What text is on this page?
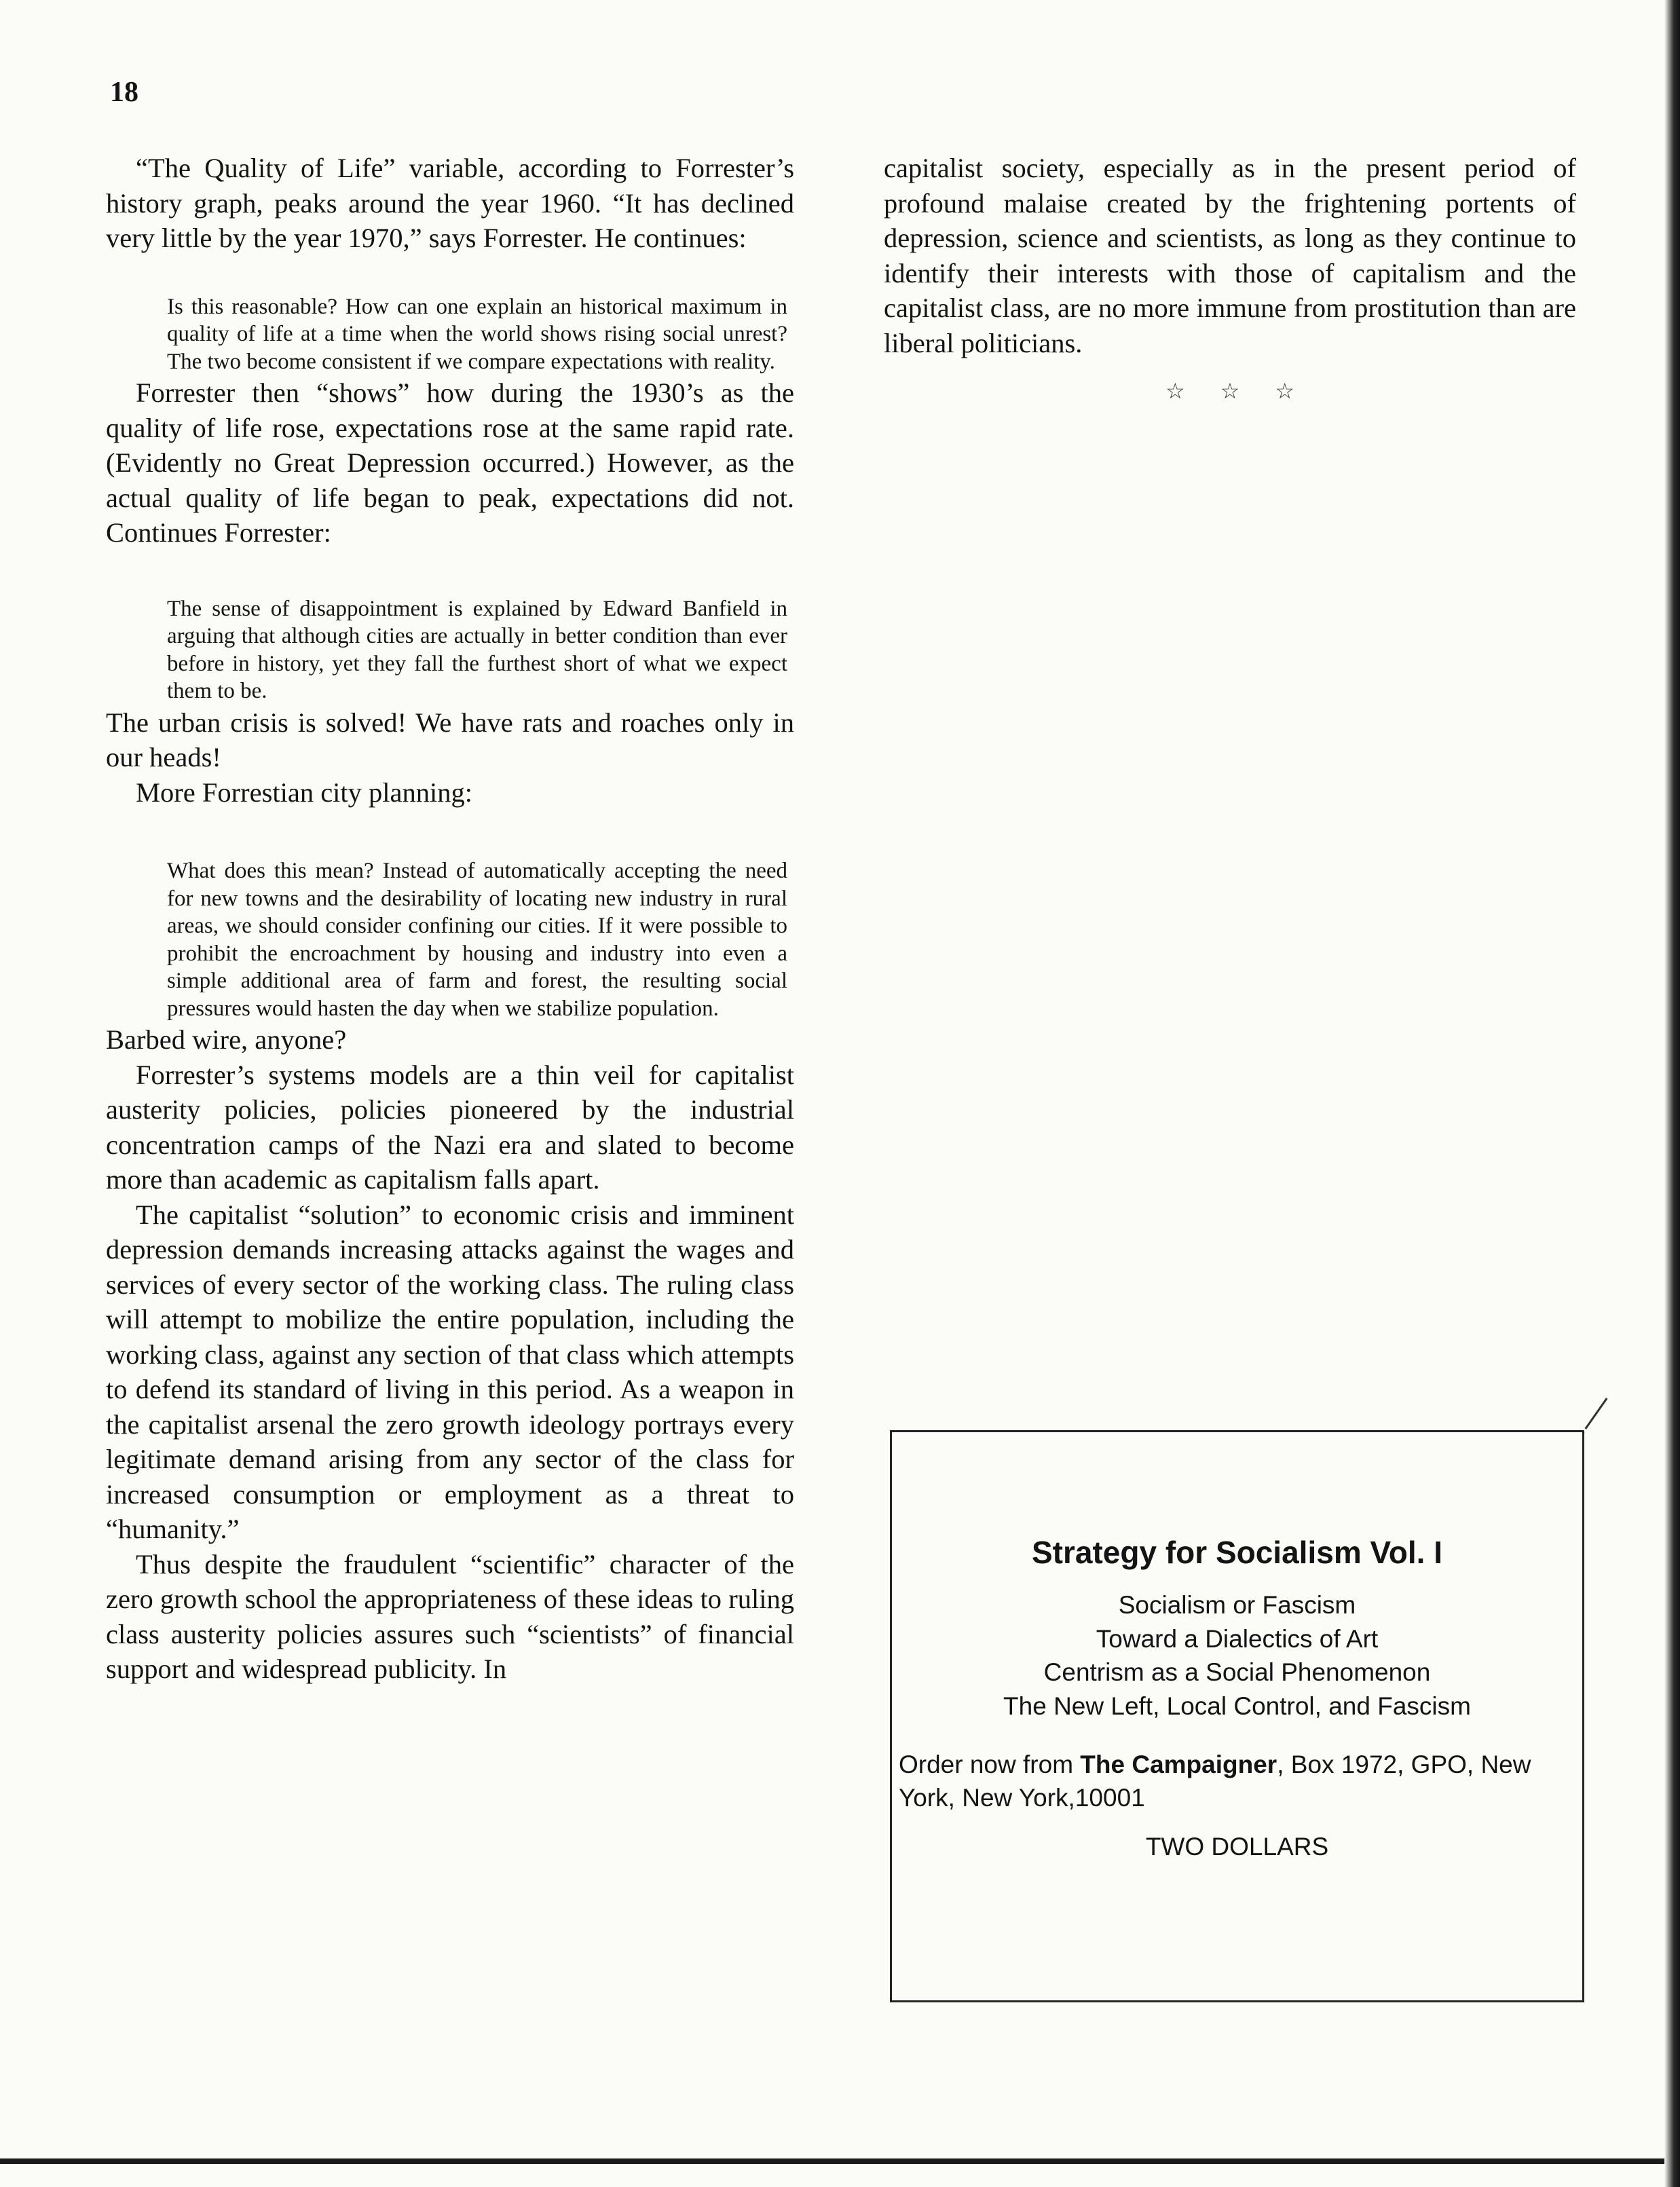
18

“The Quality of Life” variable, according to Forrester’s history graph, peaks around the year 1960. “It has declined very little by the year 1970,” says Forrester. He continues:

Is this reasonable? How can one explain an historical maximum in quality of life at a time when the world shows rising social unrest? The two become consistent if we compare expectations with reality.

Forrester then “shows” how during the 1930’s as the quality of life rose, expectations rose at the same rapid rate. (Evidently no Great Depression occurred.) However, as the actual quality of life began to peak, expectations did not. Continues Forrester:

The sense of disappointment is explained by Edward Banfield in arguing that although cities are actually in better condition than ever before in history, yet they fall the furthest short of what we expect them to be.

The urban crisis is solved! We have rats and roaches only in our heads!

More Forrestian city planning:

What does this mean? Instead of automatically accepting the need for new towns and the desirability of locating new industry in rural areas, we should consider confining our cities. If it were possible to prohibit the encroachment by housing and industry into even a simple additional area of farm and forest, the resulting social pressures would hasten the day when we stabilize population.

Barbed wire, anyone?

Forrester’s systems models are a thin veil for capitalist austerity policies, policies pioneered by the industrial concentration camps of the Nazi era and slated to become more than academic as capitalism falls apart.

The capitalist “solution” to economic crisis and imminent depression demands increasing attacks against the wages and services of every sector of the working class. The ruling class will attempt to mobilize the entire population, including the working class, against any section of that class which attempts to defend its standard of living in this period. As a weapon in the capitalist arsenal the zero growth ideology portrays every legitimate demand arising from any sector of the class for increased consumption or employment as a threat to “humanity.”

Thus despite the fraudulent “scientific” character of the zero growth school the appropriateness of these ideas to ruling class austerity policies assures such “scientists” of financial support and widespread publicity. In

capitalist society, especially as in the present period of profound malaise created by the frightening portents of depression, science and scientists, as long as they continue to identify their interests with those of capitalism and the capitalist class, are no more immune from prostitution than are liberal politicians.

☆☆☆
Strategy for Socialism Vol. I
Socialism or Fascism
Toward a Dialectics of Art
Centrism as a Social Phenomenon
The New Left, Local Control, and Fascism
Order now from The Campaigner, Box 1972, GPO, New York, New York,10001
TWO DOLLARS
